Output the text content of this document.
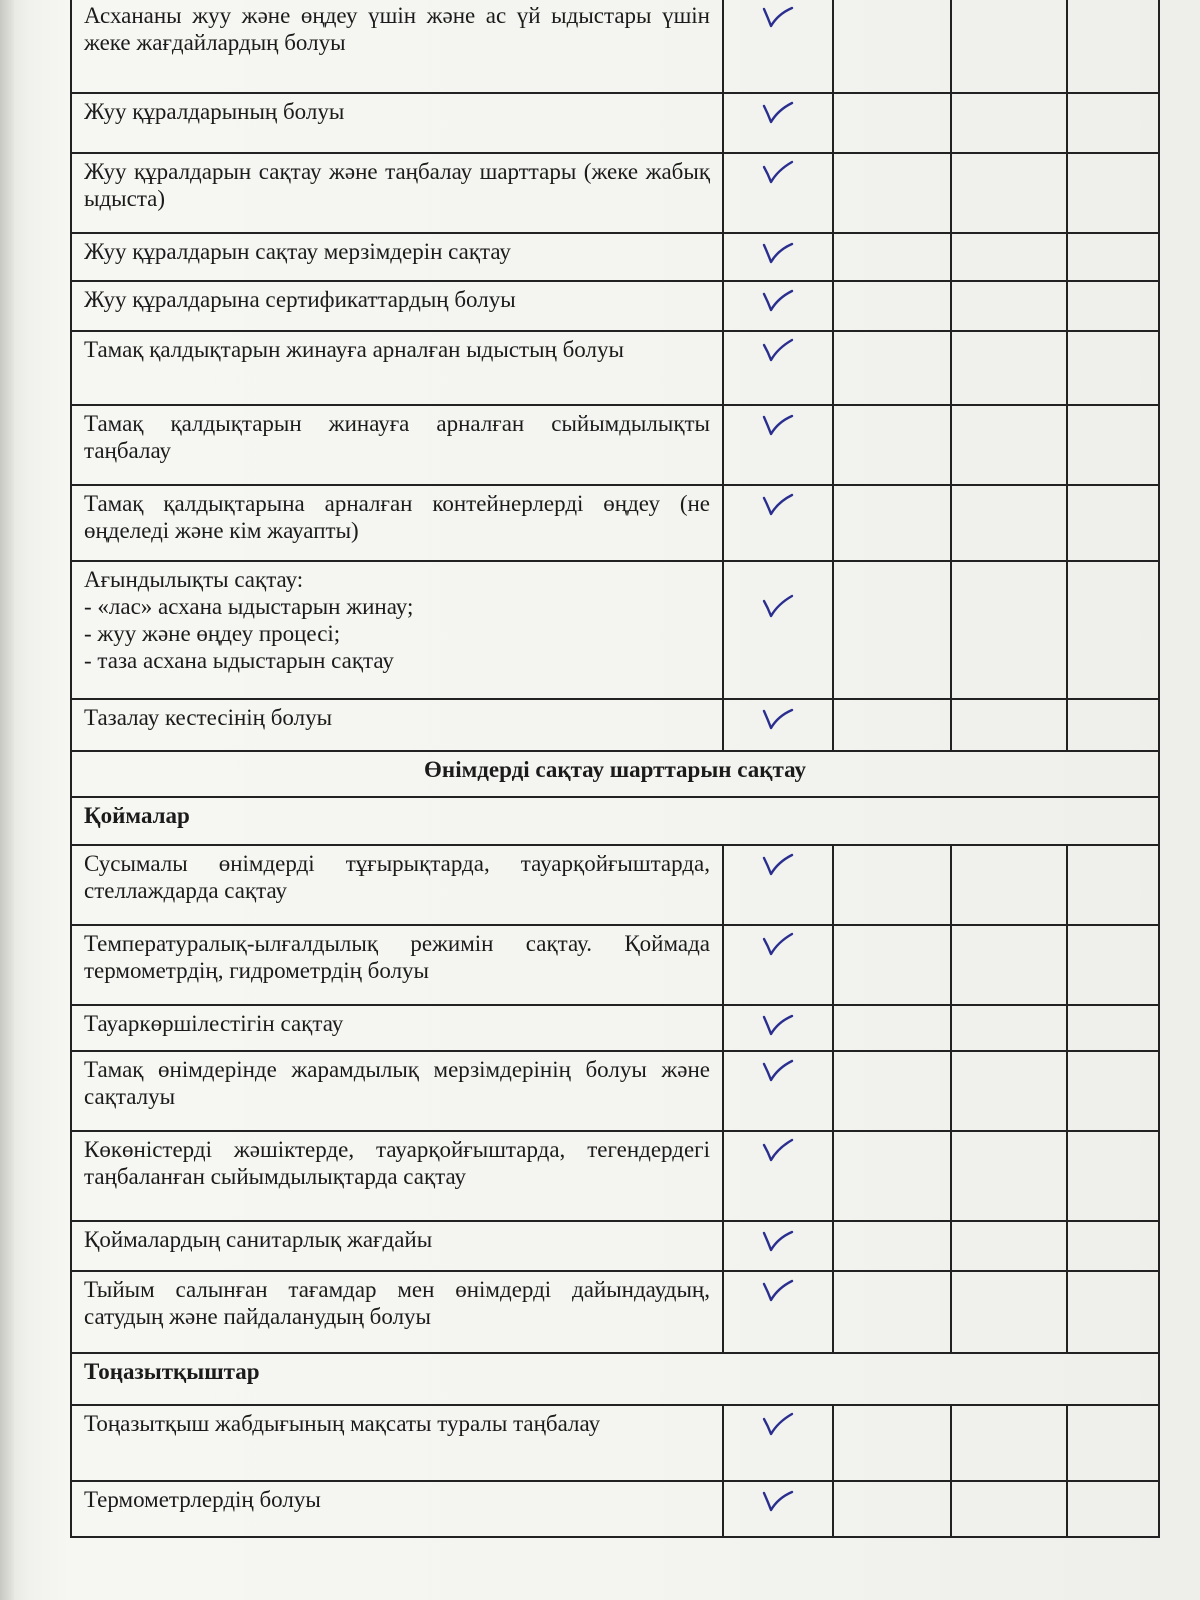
Асхананы жуу және өңдеу үшін және ас үй ыдыстары үшін жеке жағдайлардың болуы	

Жуу құралдарының болуы	

Жуу құралдарын сақтау және таңбалау шарттары (жеке жабық ыдыста)	

Жуу құралдарын сақтау мерзімдерін сақтау	

Жуу құралдарына сертификаттардың болуы	

Тамақ қалдықтарын жинауға арналған ыдыстың болуы	

Тамақ қалдықтарын жинауға арналған сыйымдылықты таңбалау	

Тамақ қалдықтарына арналған контейнерлерді өңдеу (не өңделеді және кім жауапты)	

Ағындылықты сақтау:
- «лас» асхана ыдыстарын жинау;
- жуу және өңдеу процесі;
- таза асхана ыдыстарын сақтау

Тазалау кестесінің болуы	

Өнімдерді сақтау шарттарын сақтау				
Қоймалар				
Сусымалы өнімдерді тұғырықтарда, тауарқойғыштарда, стеллаждарда сақтау	

Температуралық-ылғалдылық режимін сақтау. Қоймада термометрдің, гидрометрдің болуы	

Тауаркөршілестігін сақтау	

Тамақ өнімдерінде жарамдылық мерзімдерінің болуы және сақталуы	

Көкөністерді жәшіктерде, тауарқойғыштарда, тегендердегі таңбаланған сыйымдылықтарда сақтау	

Қоймалардың санитарлық жағдайы	

Тыйым салынған тағамдар мен өнімдерді дайындаудың, сатудың және пайдаланудың болуы	

Тоңазытқыштар				
Тоңазытқыш жабдығының мақсаты туралы таңбалау	

Термометрлердің болуы	
